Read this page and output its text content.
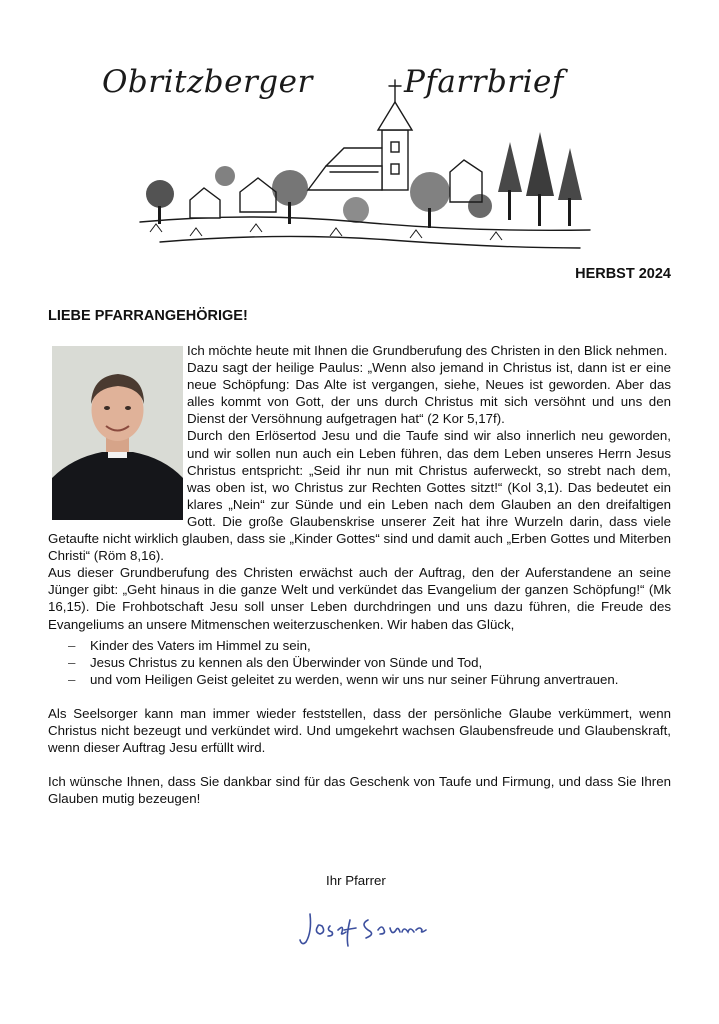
Obritzberger	Pfarrbrief
HERBST 2024
LIEBE PFARRANGEHÖRIGE!

Ich möchte heute mit Ihnen die Grundberufung des Christen in den Blick nehmen.

Dazu sagt der heilige Paulus: „Wenn also jemand in Christus ist, dann ist er eine neue Schöpfung: Das Alte ist vergangen, siehe, Neues ist geworden. Aber das alles kommt von Gott, der uns durch Christus mit sich versöhnt und uns den Dienst der Versöhnung aufgetragen hat“ (2 Kor 5,17f).

Durch den Erlösertod Jesu und die Taufe sind wir also innerlich neu geworden, und wir sollen nun auch ein Leben führen, das dem Leben unseres Herrn Jesus Christus entspricht: „Seid ihr nun mit Christus auferweckt, so strebt nach dem, was oben ist, wo Christus zur Rechten Gottes sitzt!“ (Kol 3,1). Das bedeutet ein klares „Nein“ zur Sünde und ein Leben nach dem Glauben an den dreifaltigen Gott. Die große Glaubenskrise unserer Zeit hat ihre Wurzeln darin, dass viele Getaufte nicht wirklich glauben, dass sie „Kinder Gottes“ sind und damit auch „Erben Gottes und Miterben Christi“ (Röm 8,16).

Aus dieser Grundberufung des Christen erwächst auch der Auftrag, den der Auferstandene an seine Jünger gibt: „Geht hinaus in die ganze Welt und verkündet das Evangelium der ganzen Schöpfung!“ (Mk 16,15). Die Frohbotschaft Jesu soll unser Leben durchdringen und uns dazu führen, die Freude des Evangeliums an unsere Mitmenschen weiterzuschenken. Wir haben das Glück,

– Kinder des Vaters im Himmel zu sein,
– Jesus Christus zu kennen als den Überwinder von Sünde und Tod,
– und vom Heiligen Geist geleitet zu werden, wenn wir uns nur seiner Führung anvertrauen.

Als Seelsorger kann man immer wieder feststellen, dass der persönliche Glaube verkümmert, wenn Christus nicht bezeugt und verkündet wird. Und umgekehrt wachsen Glaubensfreude und Glaubenskraft, wenn dieser Auftrag Jesu erfüllt wird.

Ich wünsche Ihnen, dass Sie dankbar sind für das Geschenk von Taufe und Firmung, und dass Sie Ihren Glauben mutig bezeugen!

Ihr Pfarrer
